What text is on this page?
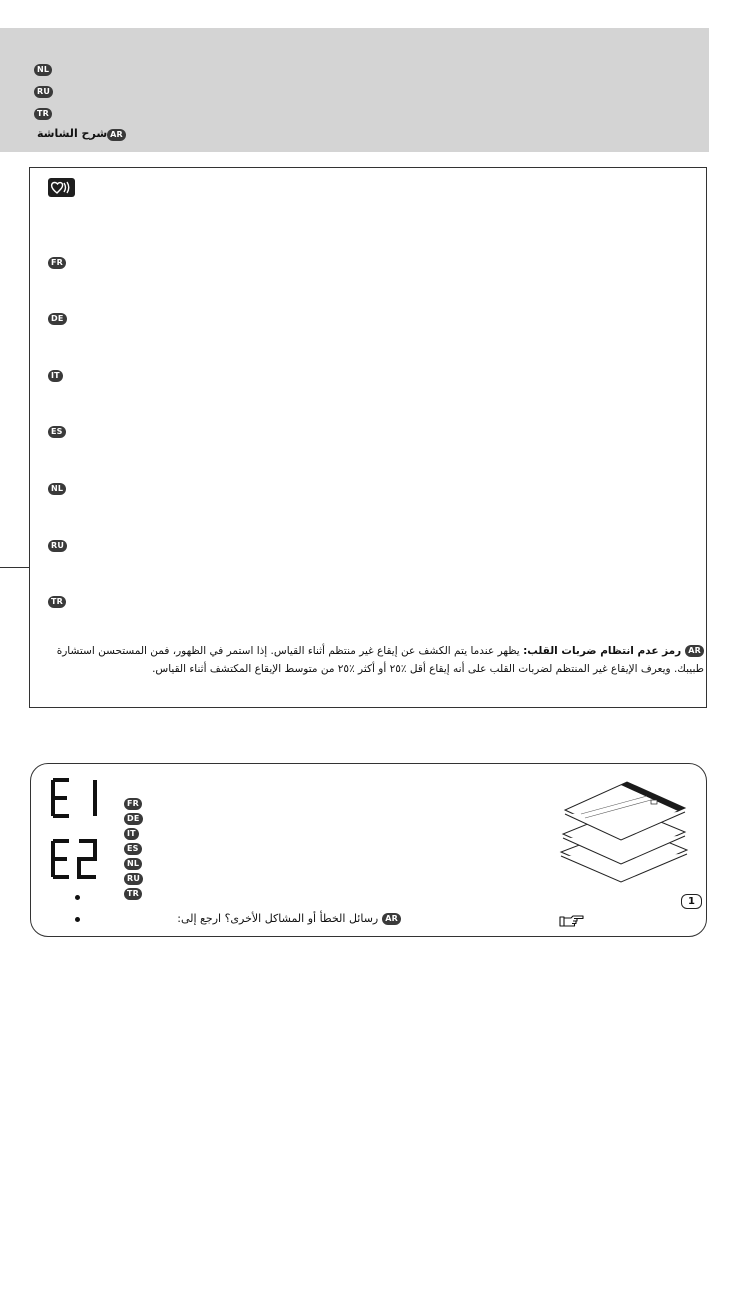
NL
RU
TR
ARشرح الشاشة
FR
DE
IT
ES
NL
RU
TR
ARرمز عدم انتظام ضربات القلب: يظهر عندما يتم الكشف عن إيقاع غير منتظم أثناء القياس. إذا استمر في الظهور، فمن المستحسن استشارة طبيبك. ويعرف الإيقاع غير المنتظم لضربات القلب على أنه إيقاع أقل ٪٢٥ أو أكثر ٪٢٥ من متوسط الإيقاع المكتشف أثناء القياس.
E1
E2
FR
DE
IT
ES
NL
RU
TR
ARرسائل الخطأ أو المشاكل الأخرى؟ ارجع إلى:
1
